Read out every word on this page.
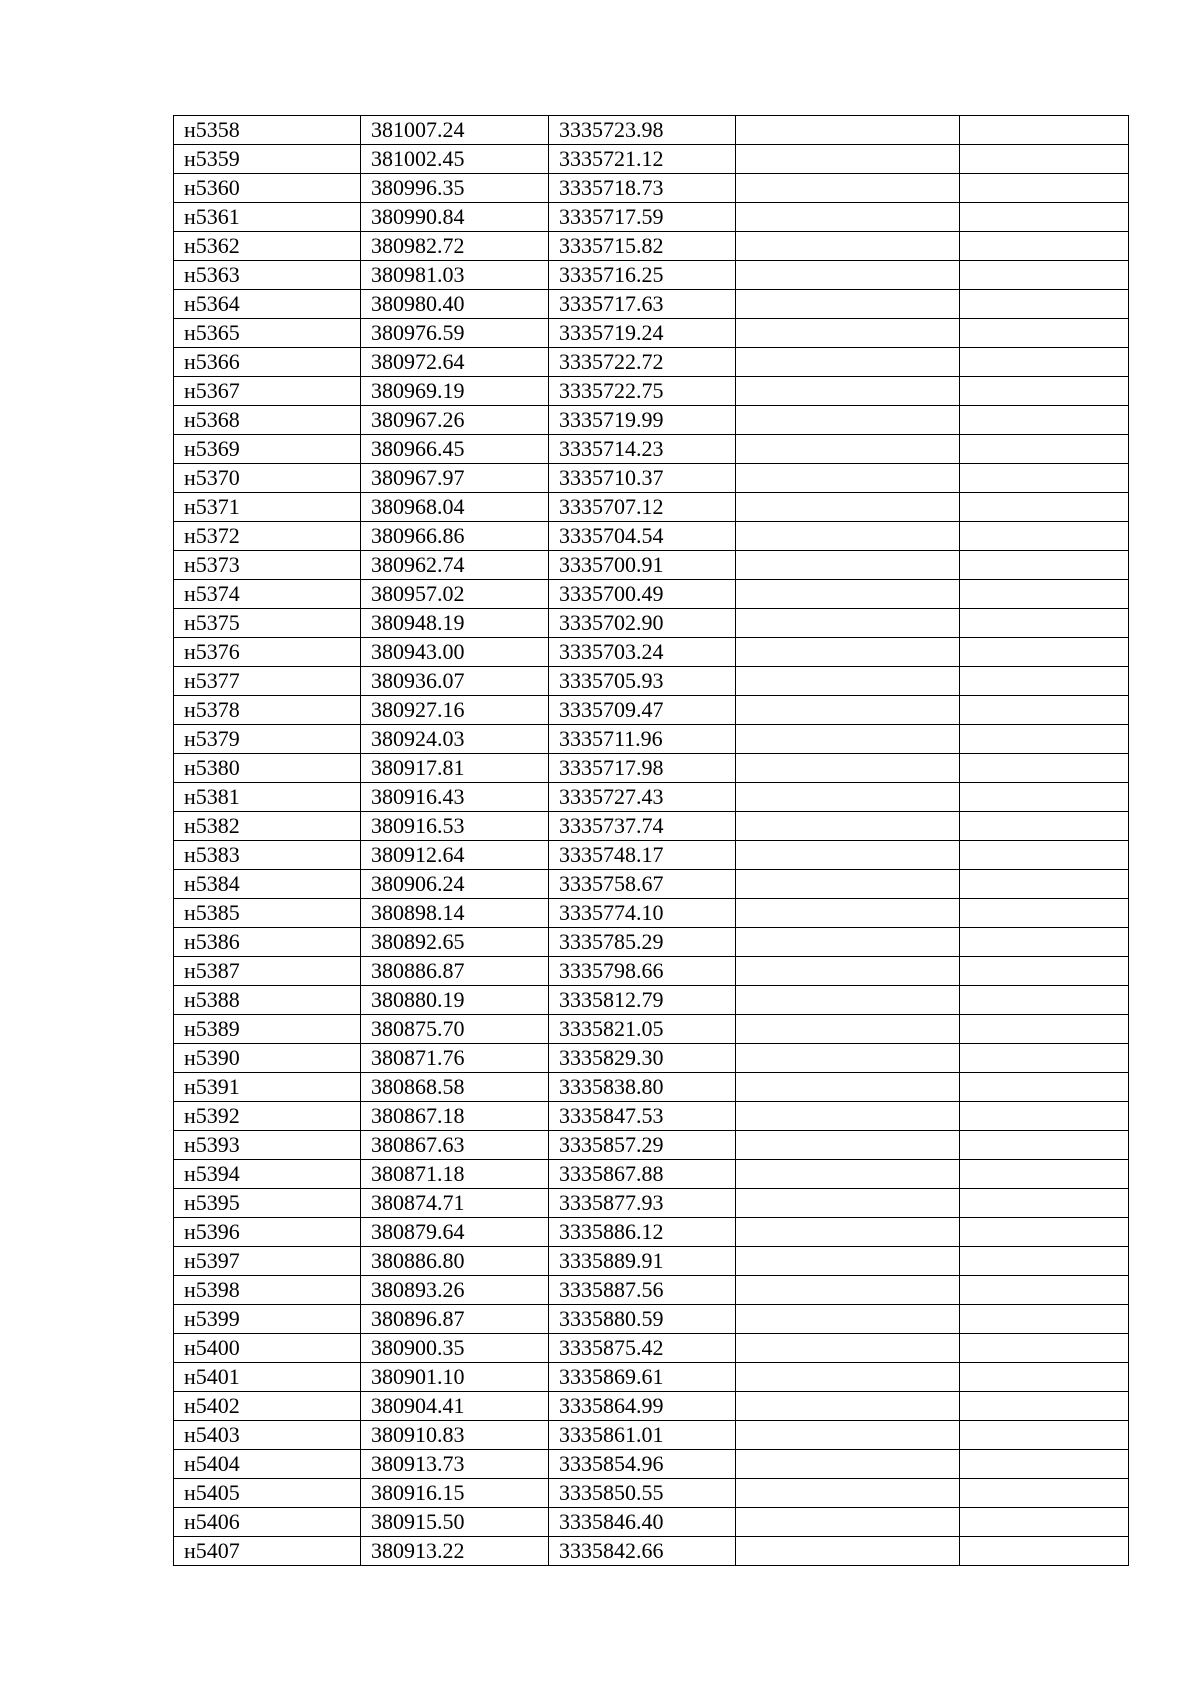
н5358	381007.24	3335723.98		
н5359	381002.45	3335721.12		
н5360	380996.35	3335718.73		
н5361	380990.84	3335717.59		
н5362	380982.72	3335715.82		
н5363	380981.03	3335716.25		
н5364	380980.40	3335717.63		
н5365	380976.59	3335719.24		
н5366	380972.64	3335722.72		
н5367	380969.19	3335722.75		
н5368	380967.26	3335719.99		
н5369	380966.45	3335714.23		
н5370	380967.97	3335710.37		
н5371	380968.04	3335707.12		
н5372	380966.86	3335704.54		
н5373	380962.74	3335700.91		
н5374	380957.02	3335700.49		
н5375	380948.19	3335702.90		
н5376	380943.00	3335703.24		
н5377	380936.07	3335705.93		
н5378	380927.16	3335709.47		
н5379	380924.03	3335711.96		
н5380	380917.81	3335717.98		
н5381	380916.43	3335727.43		
н5382	380916.53	3335737.74		
н5383	380912.64	3335748.17		
н5384	380906.24	3335758.67		
н5385	380898.14	3335774.10		
н5386	380892.65	3335785.29		
н5387	380886.87	3335798.66		
н5388	380880.19	3335812.79		
н5389	380875.70	3335821.05		
н5390	380871.76	3335829.30		
н5391	380868.58	3335838.80		
н5392	380867.18	3335847.53		
н5393	380867.63	3335857.29		
н5394	380871.18	3335867.88		
н5395	380874.71	3335877.93		
н5396	380879.64	3335886.12		
н5397	380886.80	3335889.91		
н5398	380893.26	3335887.56		
н5399	380896.87	3335880.59		
н5400	380900.35	3335875.42		
н5401	380901.10	3335869.61		
н5402	380904.41	3335864.99		
н5403	380910.83	3335861.01		
н5404	380913.73	3335854.96		
н5405	380916.15	3335850.55		
н5406	380915.50	3335846.40		
н5407	380913.22	3335842.66		
